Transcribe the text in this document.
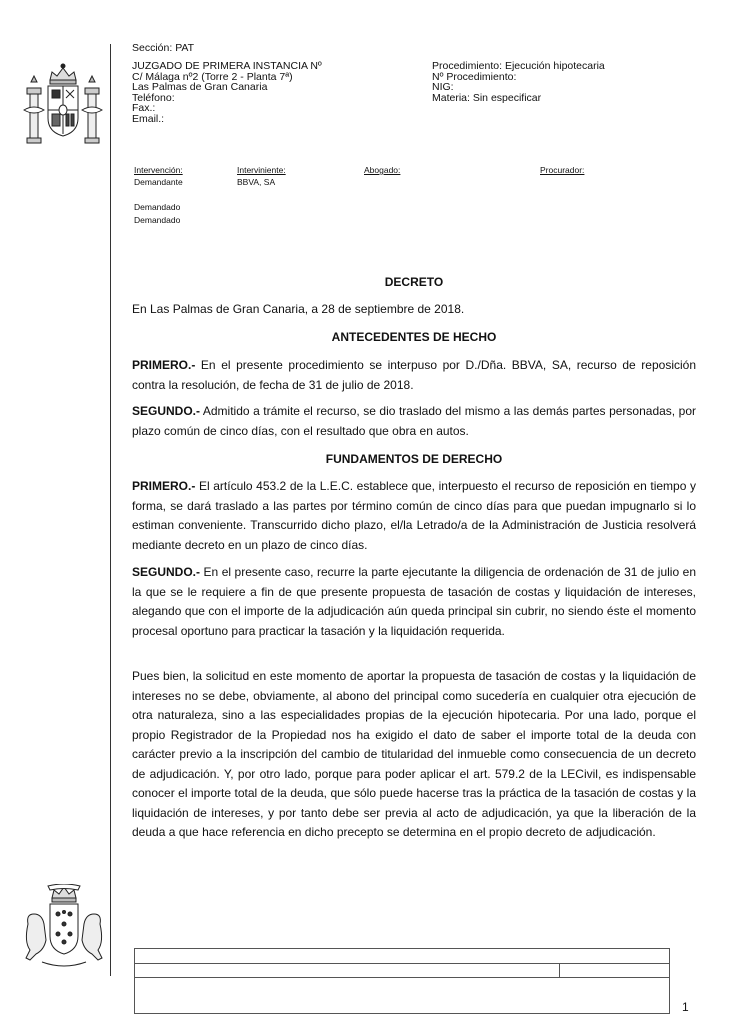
Sección: PAT
JUZGADO DE PRIMERA INSTANCIA Nº
C/ Málaga nº2 (Torre 2 - Planta 7ª)
Las Palmas de Gran Canaria
Teléfono:
Fax.:
Email.:
Procedimiento: Ejecución hipotecaria
Nº Procedimiento:
NIG:
Materia: Sin especificar
Intervención:	Interviniente:	Abogado:	Procurador:
Demandante	BBVA, SA
Demandado
Demandado
DECRETO
En Las Palmas de Gran Canaria, a 28 de septiembre de 2018.
ANTECEDENTES DE HECHO
PRIMERO.- En el presente procedimiento se interpuso por D./Dña. BBVA, SA, recurso de reposición contra la resolución, de fecha de 31 de julio de 2018.
SEGUNDO.- Admitido a trámite el recurso, se dio traslado del mismo a las demás partes personadas, por plazo común de cinco días, con el resultado que obra en autos.
FUNDAMENTOS DE DERECHO
PRIMERO.- El artículo 453.2 de la L.E.C. establece que, interpuesto el recurso de reposición en tiempo y forma, se dará traslado a las partes por término común de cinco días para que puedan impugnarlo si lo estiman conveniente. Transcurrido dicho plazo, el/la Letrado/a de la Administración de Justicia resolverá mediante decreto en un plazo de cinco días.
SEGUNDO.- En el presente caso, recurre la parte ejecutante la diligencia de ordenación de 31 de julio en la que se le requiere a fin de que presente propuesta de tasación de costas y liquidación de intereses, alegando que con el importe de la adjudicación aún queda principal sin cubrir, no siendo éste el momento procesal oportuno para practicar la tasación y la liquidación requerida.
Pues bien, la solicitud en este momento de aportar la propuesta de tasación de costas y la liquidación de intereses no se debe, obviamente, al abono del principal como sucedería en cualquier otra ejecución de otra naturaleza, sino a las especialidades propias de la ejecución hipotecaria. Por una lado, porque el propio Registrador de la Propiedad nos ha exigido el dato de saber el importe total de la deuda con carácter previo a la inscripción del cambio de titularidad del inmueble como consecuencia de un decreto de adjudicación. Y, por otro lado, porque para poder aplicar el art. 579.2 de la LECivil, es indispensable conocer el importe total de la deuda, que sólo puede hacerse tras la práctica de la tasación de costas y la liquidación de intereses, y por tanto debe ser previa al acto de adjudicación, ya que la liberación de la deuda a que hace referencia en dicho precepto se determina en el propio decreto de adjudicación.
1
